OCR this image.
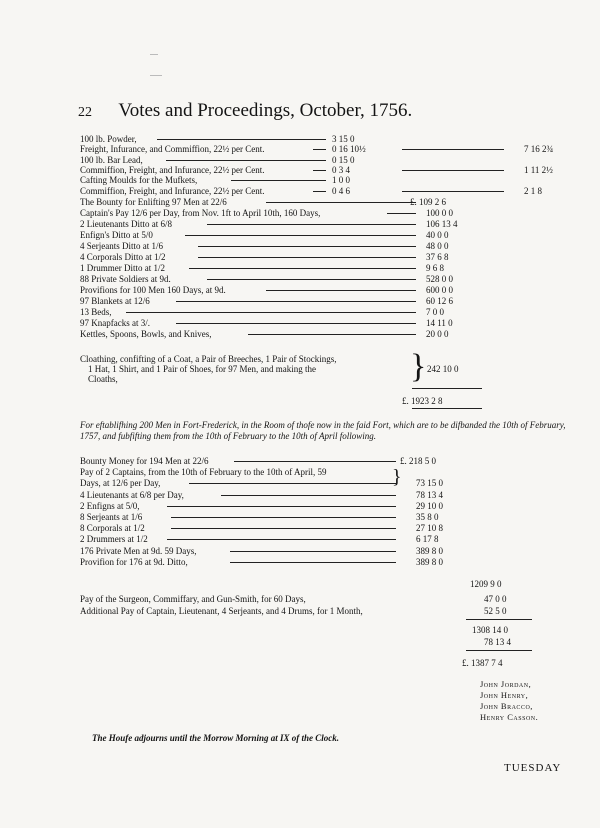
22 Votes and Proceedings, October, 1756.
Cloathing, confifting of a Coat, a Pair of Breeches, 1 Pair of Stockings,
1 Hat, 1 Shirt, and 1 Pair of Shoes, for 97 Men, and making the
Cloaths,	} 242 10 0
£. 1923 2 8
For eftablifhing 200 Men in Fort-Frederick, in the Room of thofe now in the faid Fort, which are to be difbanded the 10th of February, 1757, and fubfifting them from the 10th of February to the 10th of April following.
}
1209 9 0
1308 14 0
78 13 4
£. 1387 7 4
John Jordan,
John Henry,
John Bracco,
Henry Casson.
The Houfe adjourns until the Morrow Morning at IX of the Clock.
TUESDAY
100 lb. Powder,	3 15 0
Freight, Infurance, and Commiffion, 22½ per Cent.	0 16 10½	7 16 2¾
100 lb. Bar Lead,	0 15 0
Commiffion, Freight, and Infurance, 22½ per Cent.	0 3 4	1 11 2½
Cafting Moulds for the Mufkets,	1 0 0
Commiffion, Freight, and Infurance, 22½ per Cent.	0 4 6	2 1 8
The Bounty for Enlifting 97 Men at 22/6	£. 109 2 6
Captain's Pay 12/6 per Day, from Nov. 1ft to April 10th, 160 Days,	100 0 0
2 Lieutenants Ditto at 6/8	106 13 4
Enfign's Ditto at 5/0	40 0 0
4 Serjeants Ditto at 1/6	48 0 0
4 Corporals Ditto at 1/2	37 6 8
1 Drummer Ditto at 1/2	9 6 8
88 Private Soldiers at 9d.	528 0 0
Provifions for 100 Men 160 Days, at 9d.	600 0 0
97 Blankets at 12/6	60 12 6
13 Beds,	7 0 0
97 Knapfacks at 3/.	14 11 0
Kettles, Spoons, Bowls, and Knives,	20 0 0
Bounty Money for 194 Men at 22/6	£. 218 5 0
Pay of 2 Captains, from the 10th of February to the 10th of April, 59
Days, at 12/6 per Day,	73 15 0
4 Lieutenants at 6/8 per Day,	78 13 4
2 Enfigns at 5/0,	29 10 0
8 Serjeants at 1/6	35 8 0
8 Corporals at 1/2	27 10 8
2 Drummers at 1/2	6 17 8
176 Private Men at 9d. 59 Days,	389 8 0
Provifion for 176 at 9d. Ditto,	389 8 0
Pay of the Surgeon, Commiffary, and Gun-Smith, for 60 Days,	47 0 0
Additional Pay of Captain, Lieutenant, 4 Serjeants, and 4 Drums, for 1 Month,	52 5 0
